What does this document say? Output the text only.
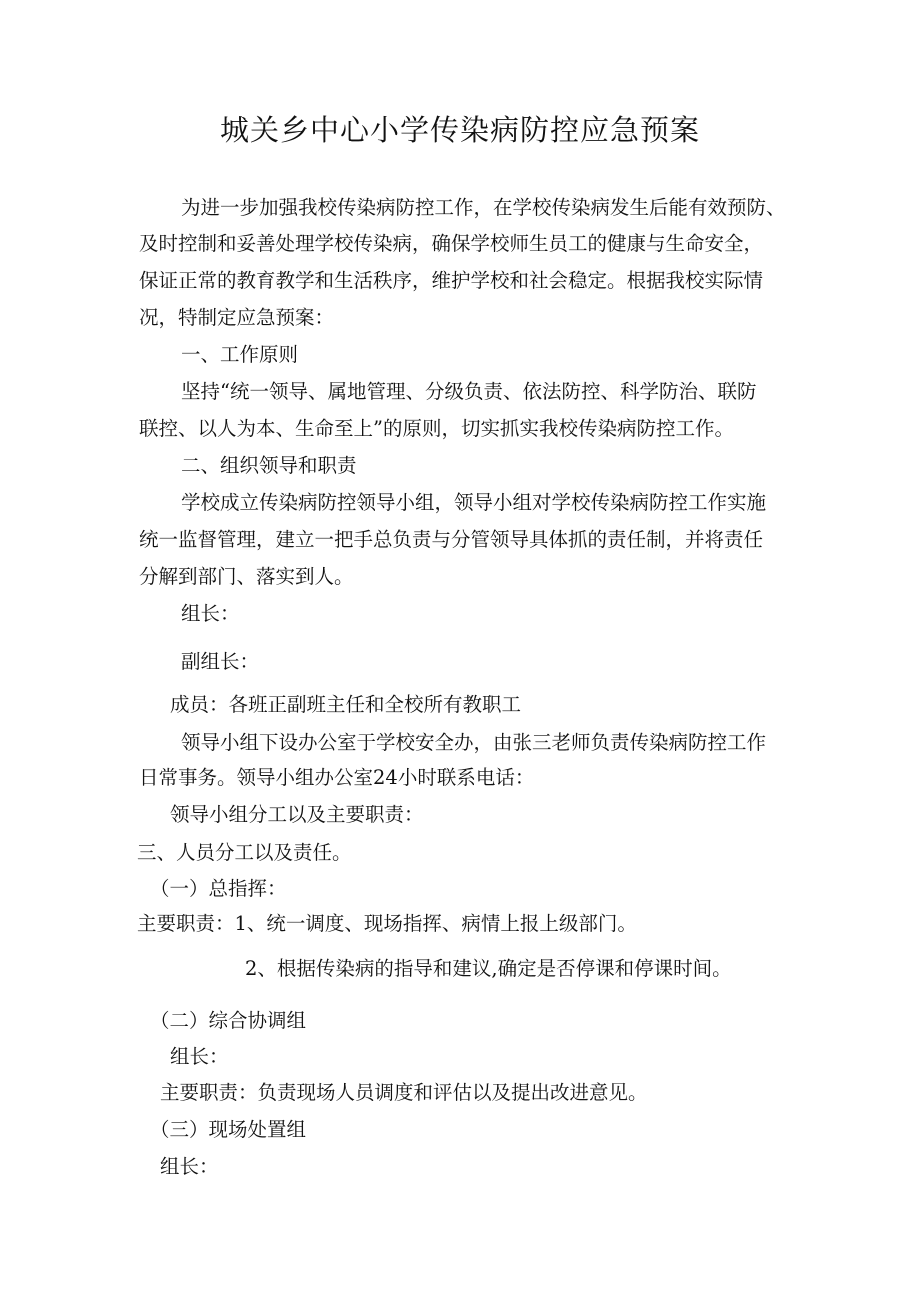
城关乡中心小学传染病防控应急预案

为进一步加强我校传染病防控工作，在学校传染病发生后能有效预防、

及时控制和妥善处理学校传染病，确保学校师生员工的健康与生命安全，

保证正常的教育教学和生活秩序，维护学校和社会稳定。根据我校实际情

况，特制定应急预案：

一、工作原则

坚持“统一领导、属地管理、分级负责、依法防控、科学防治、联防

联控、以人为本、生命至上”的原则，切实抓实我校传染病防控工作。

二、组织领导和职责

学校成立传染病防控领导小组，领导小组对学校传染病防控工作实施

统一监督管理，建立一把手总负责与分管领导具体抓的责任制，并将责任

分解到部门、落实到人。

组长：

副组长：

成员：各班正副班主任和全校所有教职工

领导小组下设办公室于学校安全办，由张三老师负责传染病防控工作

日常事务。领导小组办公室24小时联系电话：

领导小组分工以及主要职责：

三、人员分工以及责任。

（一）总指挥：

主要职责：1、统一调度、现场指挥、病情上报上级部门。

2、根据传染病的指导和建议,确定是否停课和停课时间。

（二）综合协调组

组长：

主要职责：负责现场人员调度和评估以及提出改进意见。

（三）现场处置组

组长：
